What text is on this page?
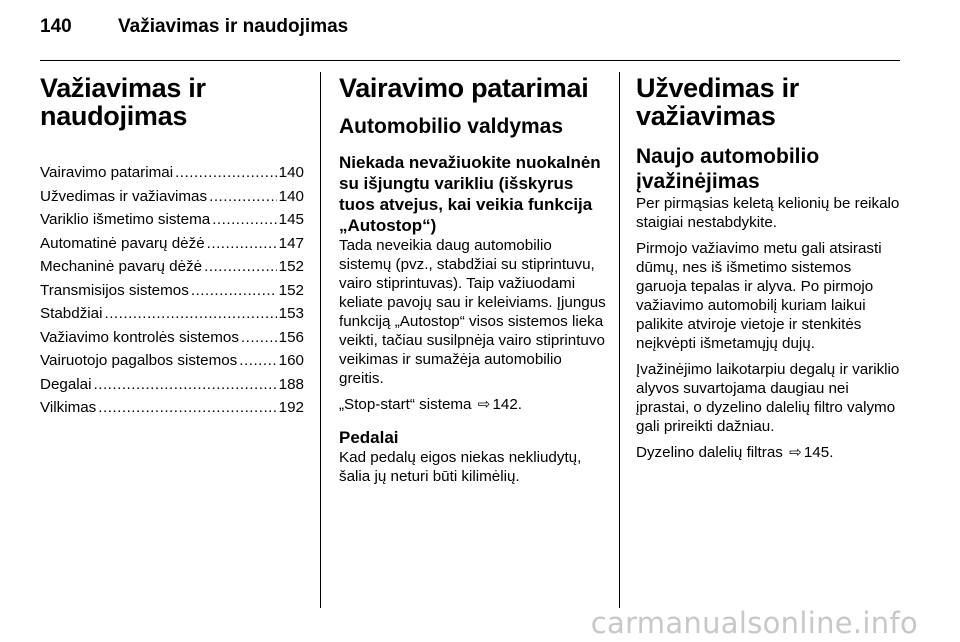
140	Važiavimas ir naudojimas
Važiavimas ir naudojimas
Vairavimo patarimai .....	140
Užvedimas ir važiavimas .....	140
Variklio išmetimo sistema .....	145
Automatinė pavarų dėžė .....	147
Mechaninė pavarų dėžė .....	152
Transmisijos sistemos .....	152
Stabdžiai .....	153
Važiavimo kontrolės sistemos .....	156
Vairuotojo pagalbos sistemos .....	160
Degalai .....	188
Vilkimas .....	192
Vairavimo patarimai
Automobilio valdymas
Niekada nevažiuokite nuokalnėn su išjungtu varikliu (išskyrus tuos atvejus, kai veikia funkcija „Autostop“)

Tada neveikia daug automobilio sistemų (pvz., stabdžiai su stiprintuvu, vairo stiprintuvas). Taip važiuodami keliate pavojų sau ir keleiviams. Įjungus funkciją „Autostop“ visos sistemos lieka veikti, tačiau susilpnėja vairo stiprintuvo veikimas ir sumažėja automobilio greitis.

„Stop-start“ sistema ⇨ 142.

Pedalai

Kad pedalų eigos niekas nekliudytų, šalia jų neturi būti kilimėlių.

Užvedimas ir važiavimas
Naujo automobilio įvažinėjimas

Per pirmąsias keletą kelionių be reikalo staigiai nestabdykite.

Pirmojo važiavimo metu gali atsirasti dūmų, nes iš išmetimo sistemos garuoja tepalas ir alyva. Po pirmojo važiavimo automobilį kuriam laikui palikite atviroje vietoje ir stenkitės neįkvėpti išmetamųjų dujų.

Įvažinėjimo laikotarpiu degalų ir variklio alyvos suvartojama daugiau nei įprastai, o dyzelino dalelių filtro valymo gali prireikti dažniau.

Dyzelino dalelių filtras ⇨ 145.

carmanualsonline.info
